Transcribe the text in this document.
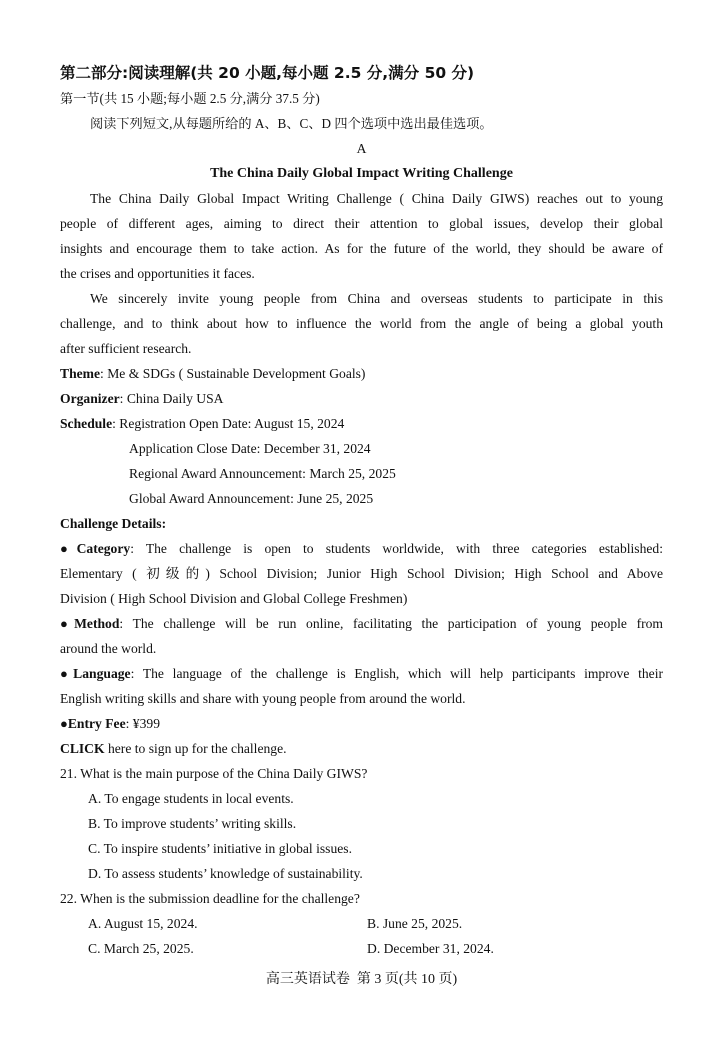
第二部分:阅读理解(共 20 小题,每小题 2.5 分,满分 50 分)
第一节(共 15 小题;每小题 2.5 分,满分 37.5 分)
阅读下列短文,从每题所给的 A、B、C、D 四个选项中选出最佳选项。
A
The China Daily Global Impact Writing Challenge
The China Daily Global Impact Writing Challenge ( China Daily GIWS) reaches out to young
people of different ages, aiming to direct their attention to global issues, develop their global
insights and encourage them to take action. As for the future of the world, they should be aware of
the crises and opportunities it faces.
We sincerely invite young people from China and overseas students to participate in this
challenge, and to think about how to influence the world from the angle of being a global youth
after sufficient research.
Theme: Me & SDGs ( Sustainable Development Goals)
Organizer: China Daily USA
Schedule: Registration Open Date: August 15, 2024
Application Close Date: December 31, 2024
Regional Award Announcement: March 25, 2025
Global Award Announcement: June 25, 2025
Challenge Details:
●Category: The challenge is open to students worldwide, with three categories established:
Elementary ( 初级的) School Division; Junior High School Division; High School and Above
Division ( High School Division and Global College Freshmen)
●Method: The challenge will be run online, facilitating the participation of young people from
around the world.
●Language: The language of the challenge is English, which will help participants improve their
English writing skills and share with young people from around the world.
●Entry Fee: ¥399
CLICK here to sign up for the challenge.
21. What is the main purpose of the China Daily GIWS?
A. To engage students in local events.
B. To improve students’ writing skills.
C. To inspire students’ initiative in global issues.
D. To assess students’ knowledge of sustainability.
22. When is the submission deadline for the challenge?
A. August 15, 2024.	B. June 25, 2025.
C. March 25, 2025.	D. December 31, 2024.
高三英语试卷  第 3 页(共 10 页)
